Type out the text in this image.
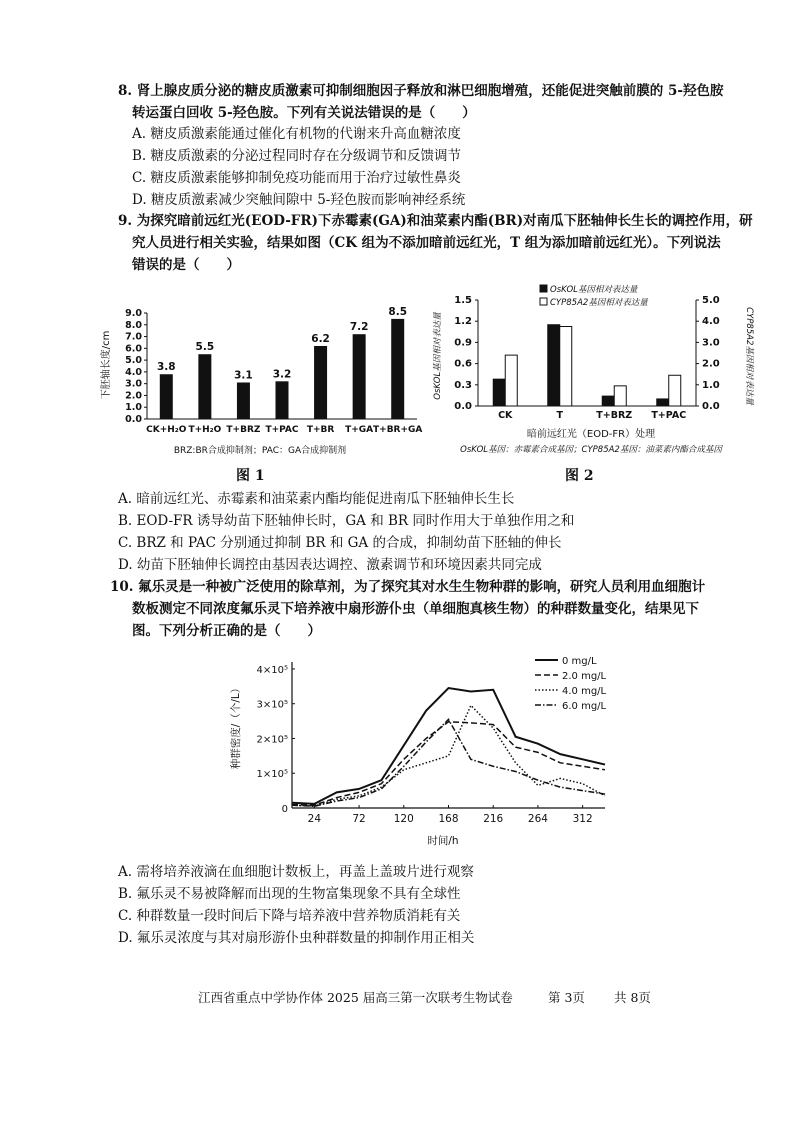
8. 肾上腺皮质分泌的糖皮质激素可抑制细胞因子释放和淋巴细胞增殖，还能促进突触前膜的 5-羟色胺
转运蛋白回收 5-羟色胺。下列有关说法错误的是（　　）
A. 糖皮质激素能通过催化有机物的代谢来升高血糖浓度
B. 糖皮质激素的分泌过程同时存在分级调节和反馈调节
C. 糖皮质激素能够抑制免疫功能而用于治疗过敏性鼻炎
D. 糖皮质激素减少突触间隙中 5-羟色胺而影响神经系统
9. 为探究暗前远红光(EOD-FR)下赤霉素(GA)和油菜素内酯(BR)对南瓜下胚轴伸长生长的调控作用，研
究人员进行相关实验，结果如图（CK 组为不添加暗前远红光，T 组为添加暗前远红光）。下列说法
错误的是（　　）
下胚轴长度/cm
0.0
1.0
2.0
3.0
4.0
5.0
6.0
7.0
8.0
9.0
3.8
CK+H₂O
5.5
T+H₂O
3.1
T+BRZ
3.2
T+PAC
6.2
T+BR
7.2
T+GA
8.5
T+BR+GA
BRZ:BR合成抑制剂；PAC：GA合成抑制剂
图 1
OsKOL基因相对表达量	CYP85A2基因相对表达量
0.0
0.3
0.6
0.9
1.2
1.5
0.0
1.0
2.0
3.0
4.0
5.0
CK	T	T+BRZ T+PAC
OsKOL基因相对表达量
CYP85A2基因相对表达量
暗前远红光（EOD-FR）处理
OsKOL基因：赤霉素合成基因；CYP85A2基因：油菜素内酯合成基因
图 2
A. 暗前远红光、赤霉素和油菜素内酯均能促进南瓜下胚轴伸长生长
B. EOD-FR 诱导幼苗下胚轴伸长时，GA 和 BR 同时作用大于单独作用之和
C. BRZ 和 PAC 分别通过抑制 BR 和 GA 的合成，抑制幼苗下胚轴的伸长
D. 幼苗下胚轴伸长调控由基因表达调控、激素调节和环境因素共同完成
10. 氟乐灵是一种被广泛使用的除草剂，为了探究其对水生生物种群的影响，研究人员利用血细胞计
数板测定不同浓度氟乐灵下培养液中扇形游仆虫（单细胞真核生物）的种群数量变化，结果见下
图。下列分析正确的是（　　）
种群密度/（个/L）
0
1×10⁵
2×10⁵
3×10⁵
4×10⁵
24	72	120 168 216 264 312
0 mg/L
2.0 mg/L
4.0 mg/L
6.0 mg/L
时间/h
A. 需将培养液滴在血细胞计数板上，再盖上盖玻片进行观察
B. 氟乐灵不易被降解而出现的生物富集现象不具有全球性
C. 种群数量一段时间后下降与培养液中营养物质消耗有关
D. 氟乐灵浓度与其对扇形游仆虫种群数量的抑制作用正相关
江西省重点中学协作体 2025 届高三第一次联考生物试卷	第 3页 共 8页
